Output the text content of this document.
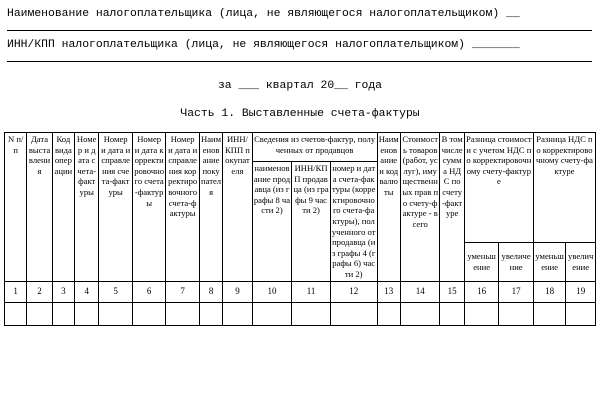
Наименование налогоплательщика (лица, не являющегося налогоплательщиком) __
ИНН/КПП налогоплательщика (лица, не являющегося налогоплательщиком) _______
за ___ квартал 20__ года
Часть 1. Выставленные счета-фактуры
N п/п	Дата выставления	Код вида операции	Номер и дата счета-фактуры	Номер и дата исправления счета-фактуры	Номер и дата корректировочного счета-фактуры	Номер и дата исправления корректировочного счета-фактуры	Наименование покупателя	ИНН/КПП покупателя	Сведения из счетов-фактур, полученных от продавцов			Наименование и код валюты	Стоимость товаров (работ, услуг), имущественных прав по счету-фактуре - всего	В том числе сумма НДС по счету-фактуре	Разница стоимости с учетом НДС по корректировочному счету-фактуре		Разница НДС по корректировочному счету-фактуре	
									наименование продавца (из графы 8 части 2)	ИНН/КПП продавца (из графы 9 части 2)	номер и дата счета-фактуры (корректировочного счета-фактуры), полученного от продавца (из графы 4 (графы 6) части 2)							
															уменьшение	увеличение	уменьшение	увеличение
1	2	3	4	5	6	7	8	9	10	11	12	13	14	15	16	17	18	19
